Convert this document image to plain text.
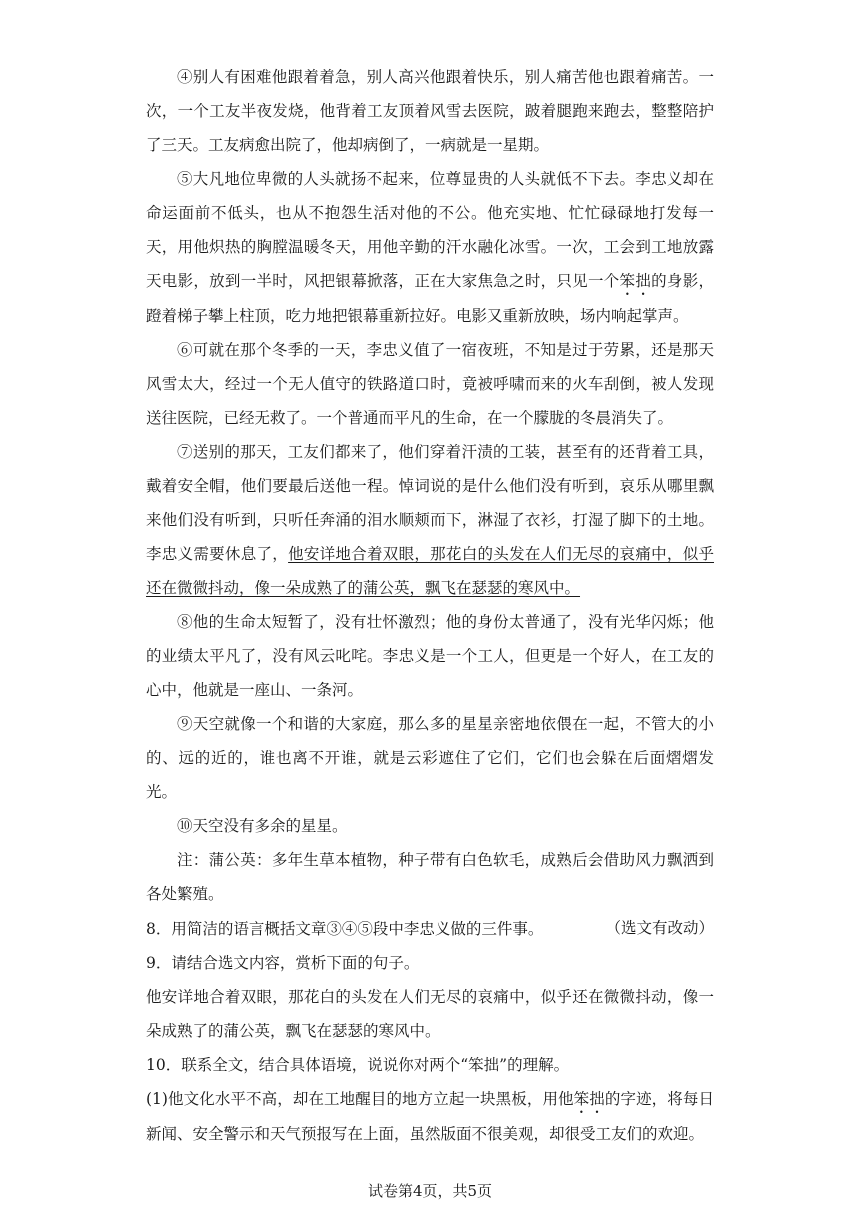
④别人有困难他跟着着急，别人高兴他跟着快乐，别人痛苦他也跟着痛苦。一次，一个工友半夜发烧，他背着工友顶着风雪去医院，跛着腿跑来跑去，整整陪护了三天。工友病愈出院了，他却病倒了，一病就是一星期。

⑤大凡地位卑微的人头就扬不起来，位尊显贵的人头就低不下去。李忠义却在命运面前不低头，也从不抱怨生活对他的不公。他充实地、忙忙碌碌地打发每一天，用他炽热的胸膛温暖冬天，用他辛勤的汗水融化冰雪。一次，工会到工地放露天电影，放到一半时，风把银幕掀落，正在大家焦急之时，只见一个笨拙的身影，蹬着梯子攀上柱顶，吃力地把银幕重新拉好。电影又重新放映，场内响起掌声。

⑥可就在那个冬季的一天，李忠义值了一宿夜班，不知是过于劳累，还是那天风雪太大，经过一个无人值守的铁路道口时，竟被呼啸而来的火车刮倒，被人发现送往医院，已经无救了。一个普通而平凡的生命，在一个朦胧的冬晨消失了。

⑦送别的那天，工友们都来了，他们穿着汗渍的工装，甚至有的还背着工具，戴着安全帽，他们要最后送他一程。悼词说的是什么他们没有听到，哀乐从哪里飘来他们没有听到，只听任奔涌的泪水顺颊而下，淋湿了衣衫，打湿了脚下的土地。李忠义需要休息了，他安详地合着双眼，那花白的头发在人们无尽的哀痛中，似乎还在微微抖动，像一朵成熟了的蒲公英，飘飞在瑟瑟的寒风中。

⑧他的生命太短暂了，没有壮怀激烈；他的身份太普通了，没有光华闪烁；他的业绩太平凡了，没有风云叱咤。李忠义是一个工人，但更是一个好人，在工友的心中，他就是一座山、一条河。

⑨天空就像一个和谐的大家庭，那么多的星星亲密地依偎在一起，不管大的小的、远的近的，谁也离不开谁，就是云彩遮住了它们，它们也会躲在后面熠熠发光。

⑩天空没有多余的星星。

注：蒲公英：多年生草本植物，种子带有白色软毛，成熟后会借助风力飘洒到各处繁殖。

（选文有改动）

8．用简洁的语言概括文章③④⑤段中李忠义做的三件事。

9．请结合选文内容，赏析下面的句子。

他安详地合着双眼，那花白的头发在人们无尽的哀痛中，似乎还在微微抖动，像一朵成熟了的蒲公英，飘飞在瑟瑟的寒风中。

10．联系全文，结合具体语境，说说你对两个“笨拙”的理解。

(1)他文化水平不高，却在工地醒目的地方立起一块黑板，用他笨拙的字迹，将每日新闻、安全警示和天气预报写在上面，虽然版面不很美观，却很受工友们的欢迎。

试卷第4页，共5页
